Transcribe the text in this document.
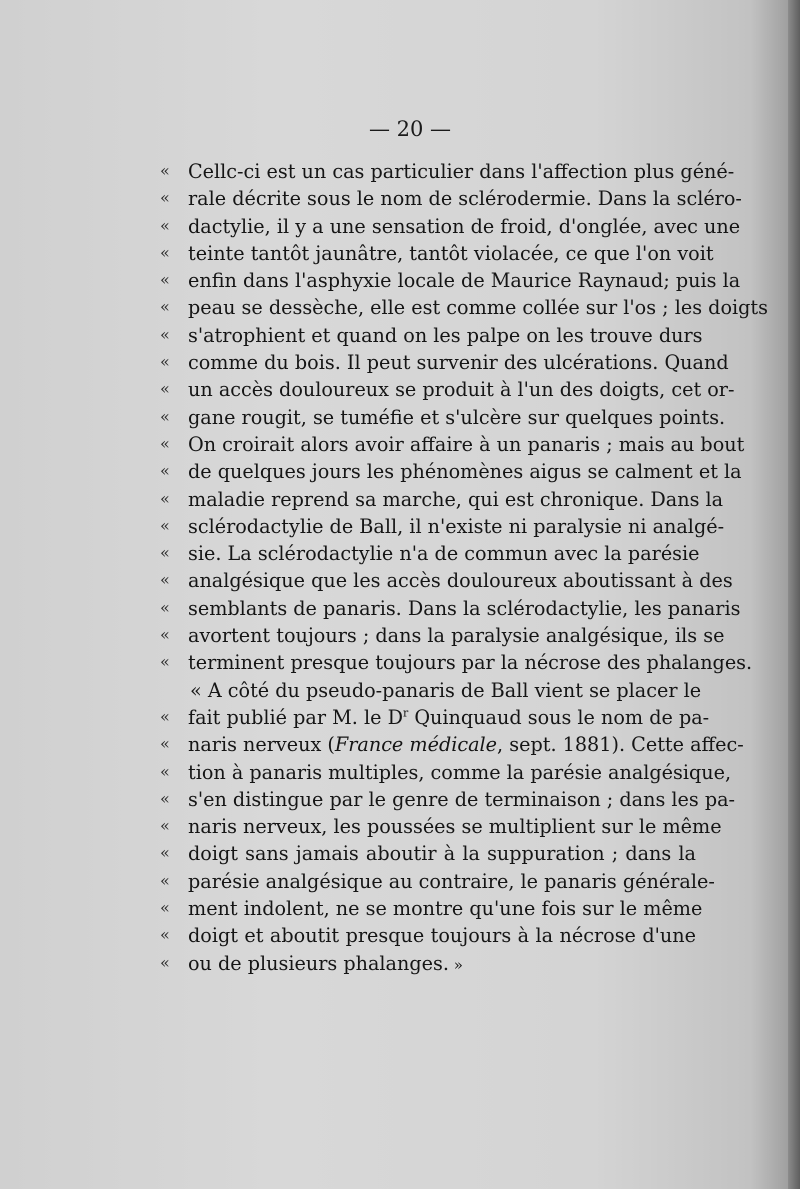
— 20 —
« Cellc-ci est un cas particulier dans l'affection plus géné-
« rale décrite sous le nom de sclérodermie. Dans la scléro-
« dactylie, il y a une sensation de froid, d'onglée, avec une
« teinte tantôt jaunâtre, tantôt violacée, ce que l'on voit
« enfin dans l'asphyxie locale de Maurice Raynaud; puis la
« peau se dessèche, elle est comme collée sur l'os ; les doigts
« s'atrophient et quand on les palpe on les trouve durs
« comme du bois. Il peut survenir des ulcérations. Quand
« un accès douloureux se produit à l'un des doigts, cet or-
« gane rougit, se tuméfie et s'ulcère sur quelques points.
« On croirait alors avoir affaire à un panaris ; mais au bout
« de quelques jours les phénomènes aigus se calment et la
« maladie reprend sa marche, qui est chronique. Dans la
« sclérodactylie de Ball, il n'existe ni paralysie ni analgé-
« sie. La sclérodactylie n'a de commun avec la parésie
« analgésique que les accès douloureux aboutissant à des
« semblants de panaris. Dans la sclérodactylie, les panaris
« avortent toujours ; dans la paralysie analgésique, ils se
« terminent presque toujours par la nécrose des phalanges.
« A côté du pseudo-panaris de Ball vient se placer le
« fait publié par M. le $D^r$ Quinquaud sous le nom de pa-
« naris nerveux (France médicale, sept. 1881). Cette affec-
« tion à panaris multiples, comme la parésie analgésique,
« s'en distingue par le genre de terminaison ; dans les pa-
« naris nerveux, les poussées se multiplient sur le même
« doigt sans jamais aboutir à la suppuration ; dans la
« parésie analgésique au contraire, le panaris générale-
« ment indolent, ne se montre qu'une fois sur le même
« doigt et aboutit presque toujours à la nécrose d'une
« ou de plusieurs phalanges. »
